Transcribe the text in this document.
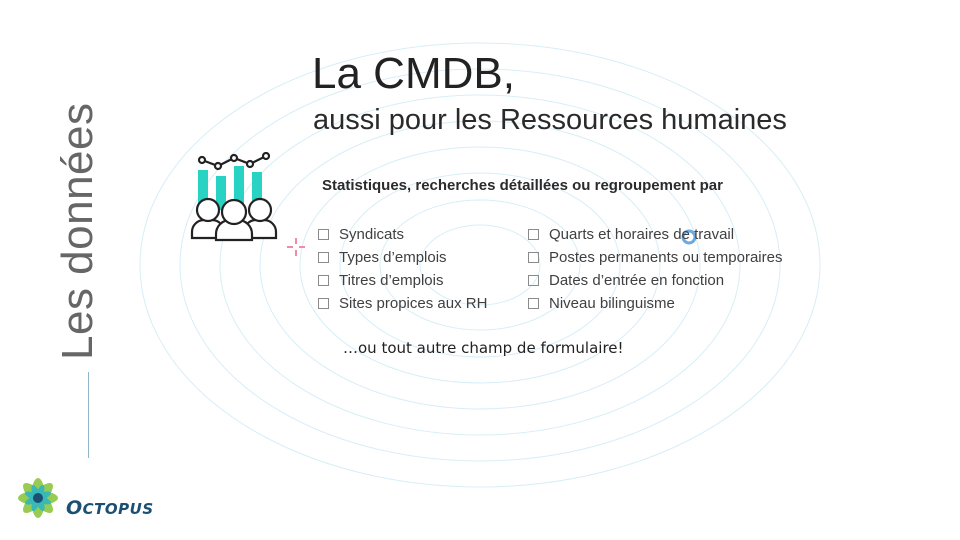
Les données
La CMDB,
aussi pour les Ressources humaines
Statistiques, recherches détaillées ou regroupement par
Syndicats
Types d’emplois
Titres d’emplois
Sites propices aux RH
Quarts et horaires de travail
Postes permanents ou temporaires
Dates d’entrée en fonction
Niveau bilinguisme
…ou tout autre champ de formulaire!
OCTOPUS
